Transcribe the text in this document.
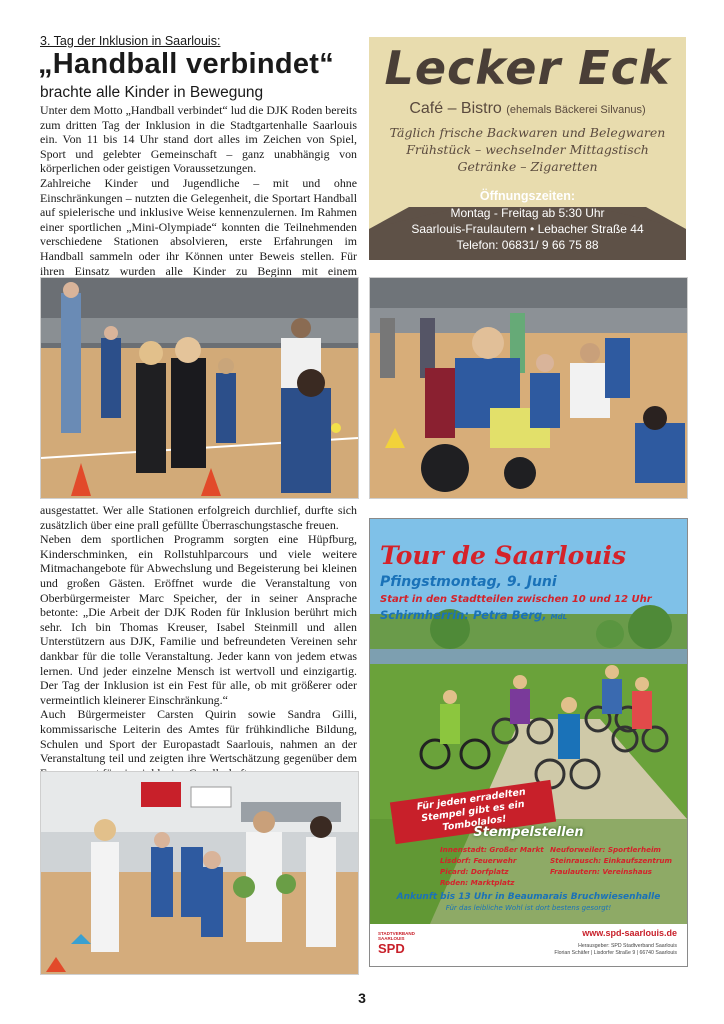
3. Tag der Inklusion in Saarlouis:
„Handball verbindet“
brachte alle Kinder in Bewegung

Unter dem Motto „Handball verbindet“ lud die DJK Roden bereits zum dritten Tag der Inklusion in die Stadtgartenhalle Saarlouis ein. Von 11 bis 14 Uhr stand dort alles im Zeichen von Spiel, Sport und gelebter Gemeinschaft – ganz unabhängig von körperlichen oder geistigen Voraussetzungen.

Zahlreiche Kinder und Jugendliche – mit und ohne Einschränkungen – nutzten die Gelegenheit, die Sportart Handball auf spielerische und inklusive Weise kennenzulernen. Im Rahmen einer sportlichen „Mini-Olympiade“ konnten die Teilnehmenden verschiedene Stationen absolvieren, erste Erfahrungen im Handball sammeln oder ihr Können unter Beweis stellen. Für ihren Einsatz wurden alle Kinder zu Beginn mit einem

Lecker Eck
Café – Bistro (ehemals Bäckerei Silvanus)
Täglich frische Backwaren und Belegwaren
Frühstück – wechselnder Mittagstisch
Getränke – Zigaretten
Öffnungszeiten:
Montag - Freitag ab 5:30 Uhr
Saarlouis-Fraulautern • Lebacher Straße 44
Telefon: 06831/ 9 66 75 88

ausgestattet. Wer alle Stationen erfolgreich durchlief, durfte sich zusätzlich über eine prall gefüllte Überraschungstasche freuen.

Neben dem sportlichen Programm sorgten eine Hüpfburg, Kinderschminken, ein Rollstuhlparcours und viele weitere Mitmachangebote für Abwechslung und Begeisterung bei kleinen und großen Gästen. Eröffnet wurde die Veranstaltung von Oberbürgermeister Marc Speicher, der in seiner Ansprache betonte: „Die Arbeit der DJK Roden für Inklusion berührt mich sehr. Ich bin Thomas Kreuser, Isabel Steinmill und allen Unterstützern aus DJK, Familie und befreundeten Vereinen sehr dankbar für die tolle Veranstaltung. Jeder kann von jedem etwas lernen. Und jeder einzelne Mensch ist wertvoll und einzigartig. Der Tag der Inklusion ist ein Fest für alle, ob mit größerer oder vermeintlich kleinerer Einschränkung.“

Auch Bürgermeister Carsten Quirin sowie Sandra Gilli, kommissarische Leiterin des Amtes für frühkindliche Bildung, Schulen und Sport der Europastadt Saarlouis, nahmen an der Veranstaltung teil und zeigten ihre Wertschätzung gegenüber dem

Tour de Saarlouis
Pfingstmontag, 9. Juni
Start in den Stadtteilen zwischen 10 und 12 Uhr
Schirmherrin: Petra Berg, MdL
Für jeden erradelten Stempel gibt es ein Tombolalos!
Stempelstellen
Innenstadt: Großer Markt
Lisdorf: Feuerwehr
Picard: Dorfplatz
Roden: Marktplatz
Neuforweiler: Sportlerheim
Steinrausch: Einkaufszentrum
Fraulautern: Vereinshaus
Ankunft bis 13 Uhr in Beaumarais Bruchwiesenhalle
Für das leibliche Wohl ist dort bestens gesorgt!
STADTVERBAND
SAARLOUIS
SPD
www.spd-saarlouis.de
Herausgeber: SPD Stadtverband Saarlouis
Florian Schäfer | Lisdorfer Straße 9 | 66740 Saarlouis
3
